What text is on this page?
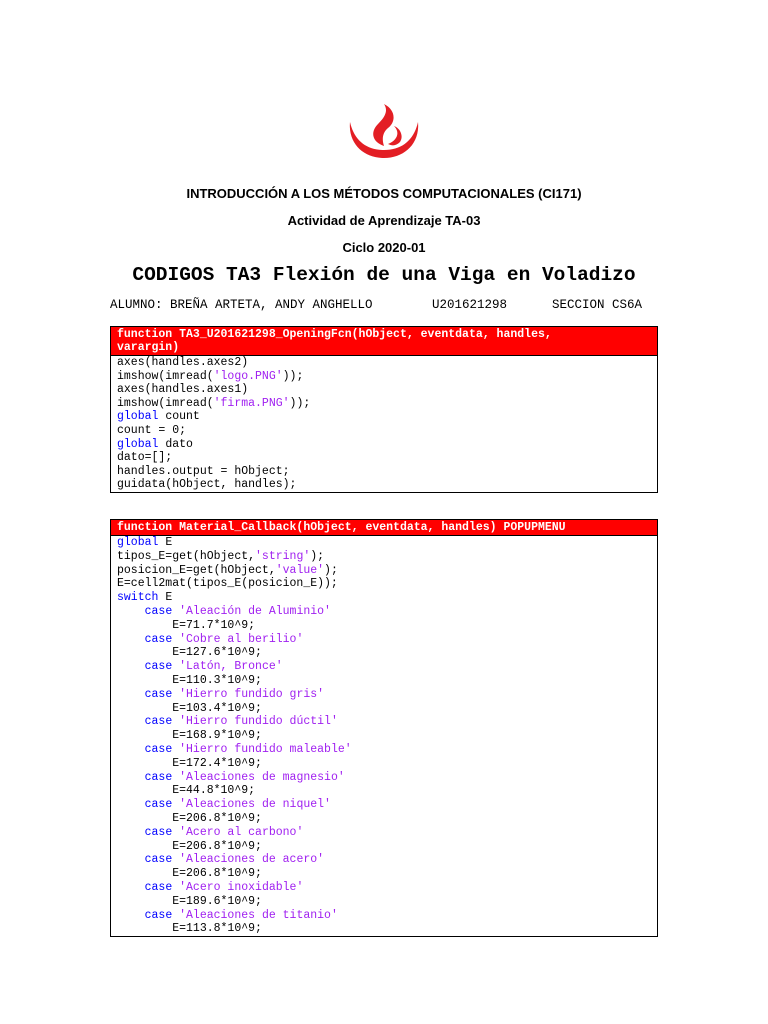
INTRODUCCIÓN A LOS MÉTODOS COMPUTACIONALES (CI171)
Actividad de Aprendizaje TA-03
Ciclo 2020-01
CODIGOS TA3 Flexión de una Viga en Voladizo
ALUMNO: BREÑA ARTETA, ANDY ANGHELLO	U201621298	SECCION CS6A
function TA3_U201621298_OpeningFcn(hObject, eventdata, handles,
varargin)
axes(handles.axes2)
imshow(imread('logo.PNG'));
axes(handles.axes1)
imshow(imread('firma.PNG'));
global count
count = 0;
global dato
dato=[];
handles.output = hObject;
guidata(hObject, handles);
function Material_Callback(hObject, eventdata, handles) POPUPMENU
global E
tipos_E=get(hObject,'string');
posicion_E=get(hObject,'value');
E=cell2mat(tipos_E(posicion_E));
switch E
case 'Aleación de Aluminio'
E=71.7*10^9;
case 'Cobre al berilio'
E=127.6*10^9;
case 'Latón, Bronce'
E=110.3*10^9;
case 'Hierro fundido gris'
E=103.4*10^9;
case 'Hierro fundido dúctil'
E=168.9*10^9;
case 'Hierro fundido maleable'
E=172.4*10^9;
case 'Aleaciones de magnesio'
E=44.8*10^9;
case 'Aleaciones de niquel'
E=206.8*10^9;
case 'Acero al carbono'
E=206.8*10^9;
case 'Aleaciones de acero'
E=206.8*10^9;
case 'Acero inoxidable'
E=189.6*10^9;
case 'Aleaciones de titanio'
E=113.8*10^9;
